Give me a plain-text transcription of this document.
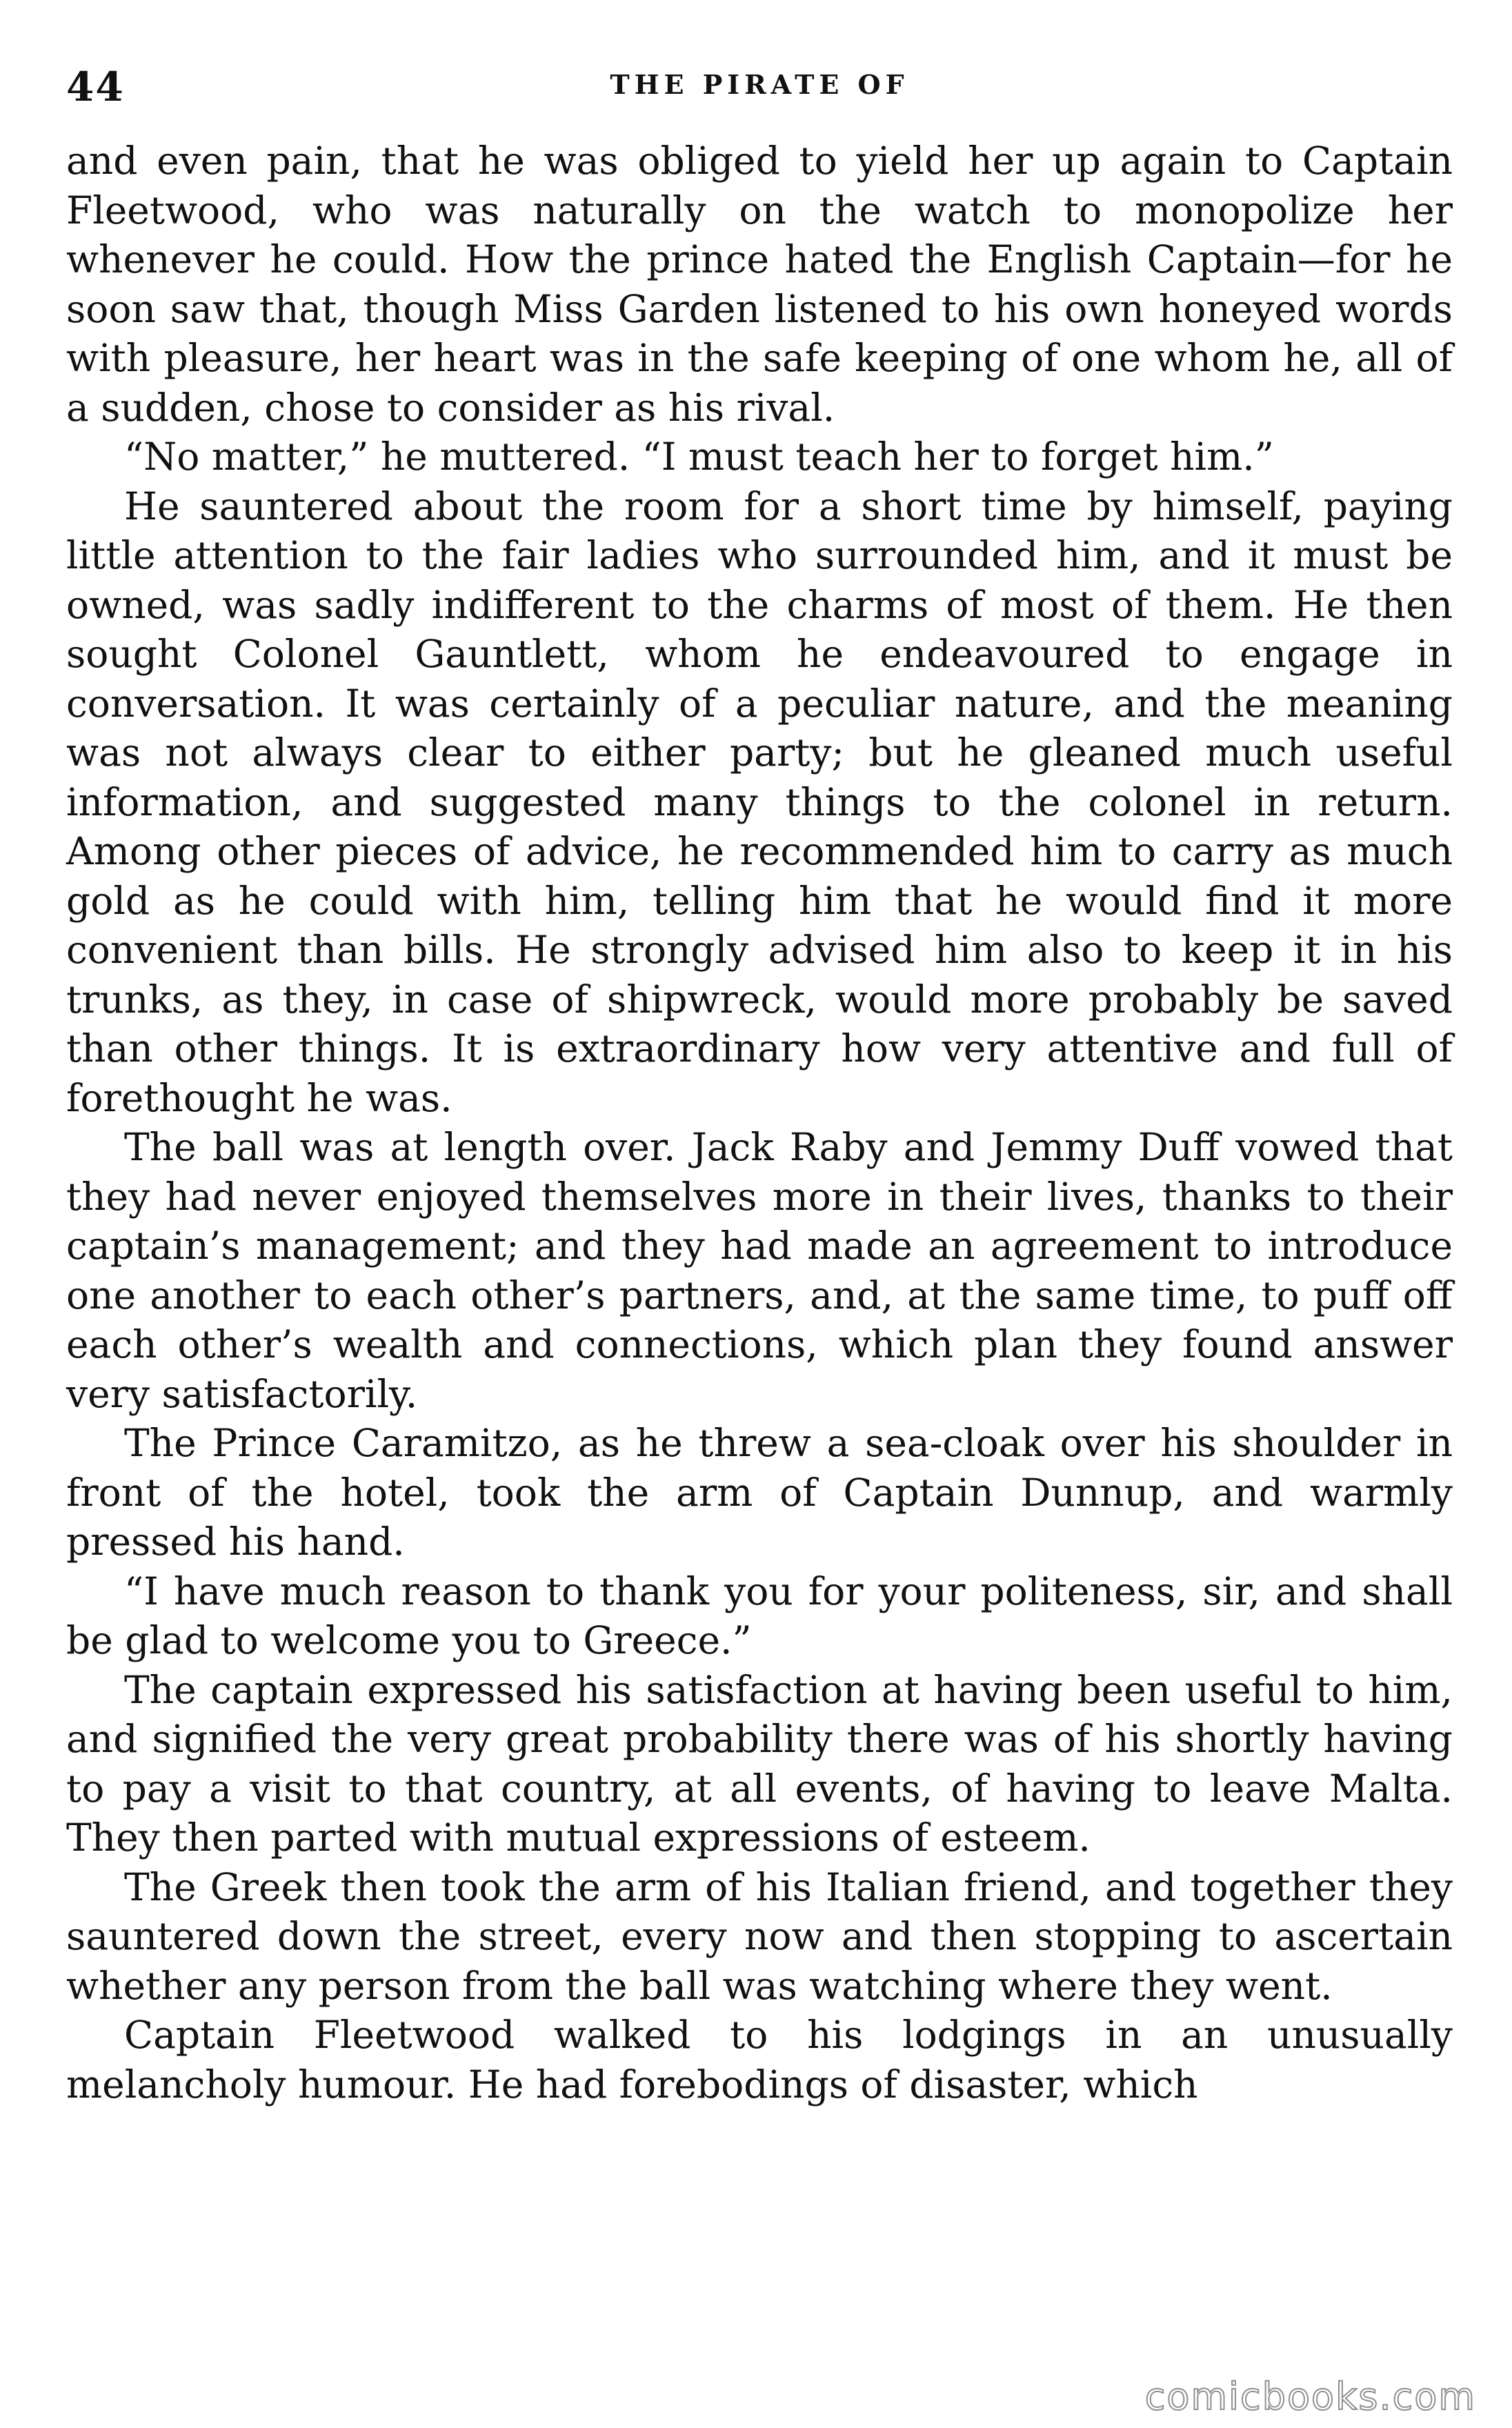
44	THE PIRATE OF

and even pain, that he was obliged to yield her up again to Captain Fleetwood, who was naturally on the watch to monopolize her whenever he could. How the prince hated the English Captain—for he soon saw that, though Miss Garden listened to his own honeyed words with pleasure, her heart was in the safe keeping of one whom he, all of a sudden, chose to consider as his rival.

“No matter,” he muttered. “I must teach her to forget him.”

He sauntered about the room for a short time by himself, paying little attention to the fair ladies who surrounded him, and it must be owned, was sadly indifferent to the charms of most of them. He then sought Colonel Gauntlett, whom he endeavoured to engage in conversation. It was certainly of a peculiar nature, and the meaning was not always clear to either party; but he gleaned much useful information, and suggested many things to the colonel in return. Among other pieces of advice, he recommended him to carry as much gold as he could with him, telling him that he would find it more convenient than bills. He strongly advised him also to keep it in his trunks, as they, in case of shipwreck, would more probably be saved than other things. It is extraordinary how very attentive and full of forethought he was.

The ball was at length over. Jack Raby and Jemmy Duff vowed that they had never enjoyed themselves more in their lives, thanks to their captain’s management; and they had made an agreement to introduce one another to each other’s partners, and, at the same time, to puff off each other’s wealth and connections, which plan they found answer very satisfactorily.

The Prince Caramitzo, as he threw a sea-cloak over his shoulder in front of the hotel, took the arm of Captain Dunnup, and warmly pressed his hand.

“I have much reason to thank you for your politeness, sir, and shall be glad to welcome you to Greece.”

The captain expressed his satisfaction at having been useful to him, and signified the very great probability there was of his shortly having to pay a visit to that country, at all events, of having to leave Malta. They then parted with mutual expressions of esteem.

The Greek then took the arm of his Italian friend, and together they sauntered down the street, every now and then stopping to ascertain whether any person from the ball was watching where they went.

Captain Fleetwood walked to his lodgings in an unusually melancholy humour. He had forebodings of disaster, which

comicbooks.com
